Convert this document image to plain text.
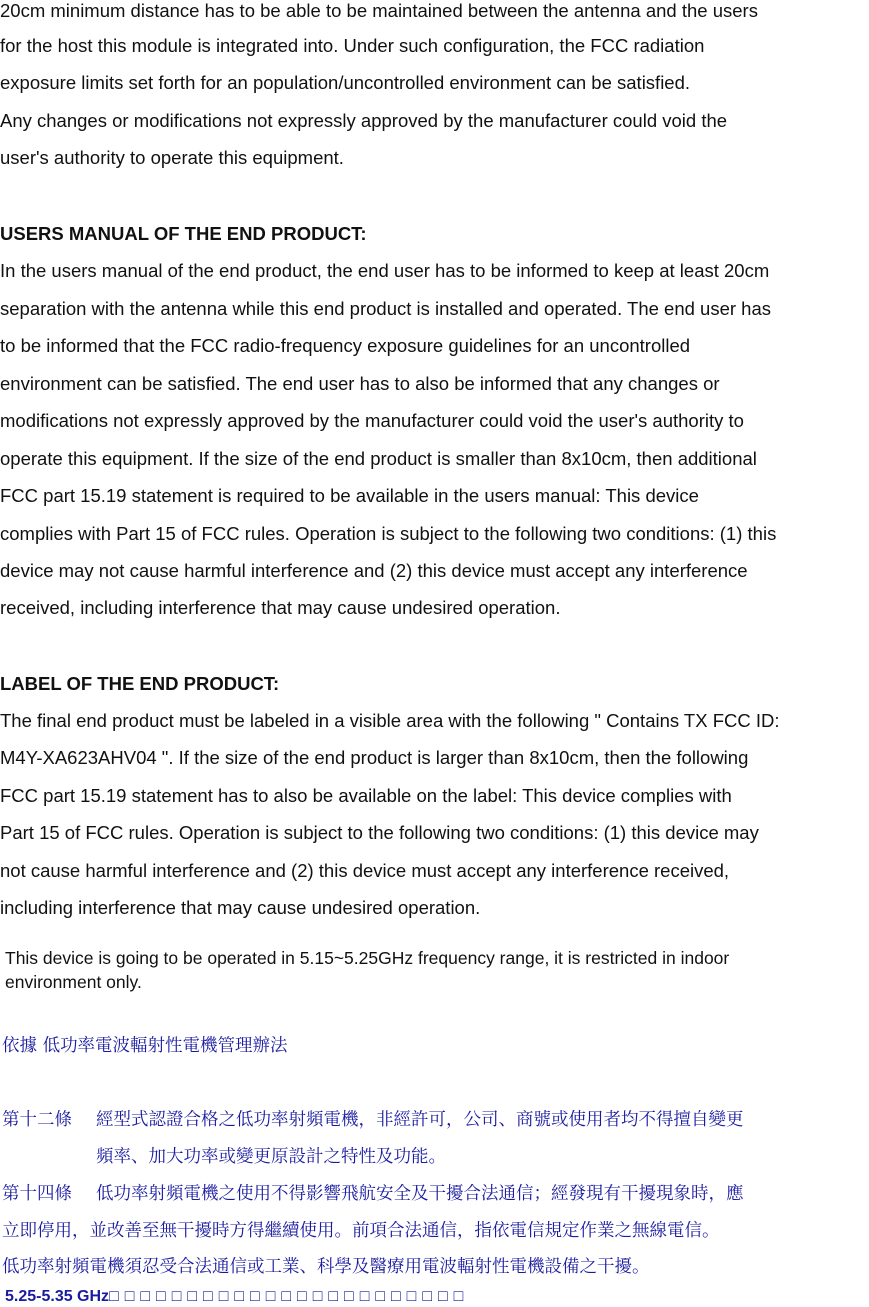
20cm minimum distance has to be able to be maintained between the antenna and the users

for the host this module is integrated into. Under such configuration, the FCC radiation

exposure limits set forth for an population/uncontrolled environment can be satisfied.

Any changes or modifications not expressly approved by the manufacturer could void the

user's authority to operate this equipment.

USERS MANUAL OF THE END PRODUCT:

In the users manual of the end product, the end user has to be informed to keep at least 20cm

separation with the antenna while this end product is installed and operated. The end user has

to be informed that the FCC radio-frequency exposure guidelines for an uncontrolled

environment can be satisfied. The end user has to also be informed that any changes or

modifications not expressly approved by the manufacturer could void the user's authority to

operate this equipment. If the size of the end product is smaller than 8x10cm, then additional

FCC part 15.19 statement is required to be available in the users manual: This device

complies with Part 15 of FCC rules. Operation is subject to the following two conditions: (1) this

device may not cause harmful interference and (2) this device must accept any interference

received, including interference that may cause undesired operation.

LABEL OF THE END PRODUCT:

The final end product must be labeled in a visible area with the following " Contains TX FCC ID:

M4Y-XA623AHV04 ". If the size of the end product is larger than 8x10cm, then the following

FCC part 15.19 statement has to also be available on the label: This device complies with

Part 15 of FCC rules. Operation is subject to the following two conditions: (1) this device may

not cause harmful interference and (2) this device must accept any interference received,

including interference that may cause undesired operation.

This device is going to be operated in 5.15~5.25GHz frequency range, it is restricted in indoor

environment only.

依據 低功率電波輻射性電機管理辦法

第十二條 經型式認證合格之低功率射頻電機，非經許可，公司、商號或使用者均不得擅自變更

頻率、加大功率或變更原設計之特性及功能。

第十四條 低功率射頻電機之使用不得影響飛航安全及干擾合法通信；經發現有干擾現象時，應

立即停用，並改善至無干擾時方得繼續使用。前項合法通信，指依電信規定作業之無線電信。

低功率射頻電機須忍受合法通信或工業、科學及醫療用電波輻射性電機設備之干擾。

5.25-5.35 GHz□□□□□□□□□□□□□□□□□□□□□□□
